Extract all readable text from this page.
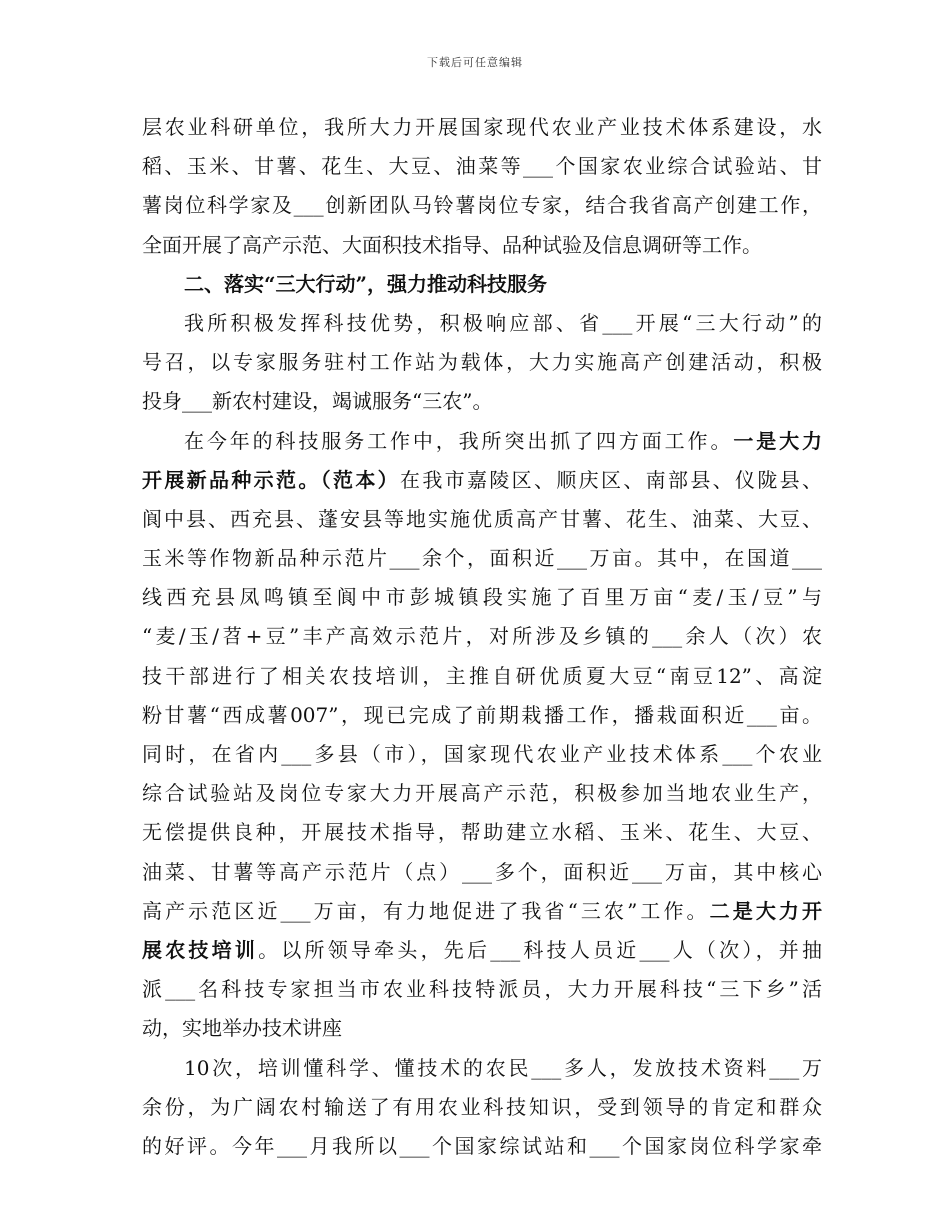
下载后可任意编辑
层农业科研单位，我所大力开展国家现代农业产业技术体系建设，水
稻、玉米、甘薯、花生、大豆、油菜等___个国家农业综合试验站、甘
薯岗位科学家及___创新团队马铃薯岗位专家，结合我省高产创建工作，
全面开展了高产示范、大面积技术指导、品种试验及信息调研等工作。
二、落实“三大行动”，强力推动科技服务
我所积极发挥科技优势，积极响应部、省___开展“三大行动”的
号召，以专家服务驻村工作站为载体，大力实施高产创建活动，积极
投身___新农村建设，竭诚服务“三农”。
在今年的科技服务工作中，我所突出抓了四方面工作。一是大力
开展新品种示范。（范本）在我市嘉陵区、顺庆区、南部县、仪陇县、
阆中县、西充县、蓬安县等地实施优质高产甘薯、花生、油菜、大豆、
玉米等作物新品种示范片___余个，面积近___万亩。其中，在国道___
线西充县凤鸣镇至阆中市彭城镇段实施了百里万亩“麦/玉/豆”与
“麦/玉/苕+豆”丰产高效示范片，对所涉及乡镇的___余人（次）农
技干部进行了相关农技培训，主推自研优质夏大豆“南豆12”、高淀
粉甘薯“西成薯007”，现已完成了前期栽播工作，播栽面积近___亩。
同时，在省内___多县（市），国家现代农业产业技术体系___个农业
综合试验站及岗位专家大力开展高产示范，积极参加当地农业生产，
无偿提供良种，开展技术指导，帮助建立水稻、玉米、花生、大豆、
油菜、甘薯等高产示范片（点）___多个，面积近___万亩，其中核心
高产示范区近___万亩，有力地促进了我省“三农”工作。二是大力开
展农技培训。以所领导牵头，先后___科技人员近___人（次），并抽
派___名科技专家担当市农业科技特派员，大力开展科技“三下乡”活
动，实地举办技术讲座
10次，培训懂科学、懂技术的农民___多人，发放技术资料___万
余份，为广阔农村输送了有用农业科技知识，受到领导的肯定和群众
的好评。今年___月我所以___个国家综试站和___个国家岗位科学家牵
